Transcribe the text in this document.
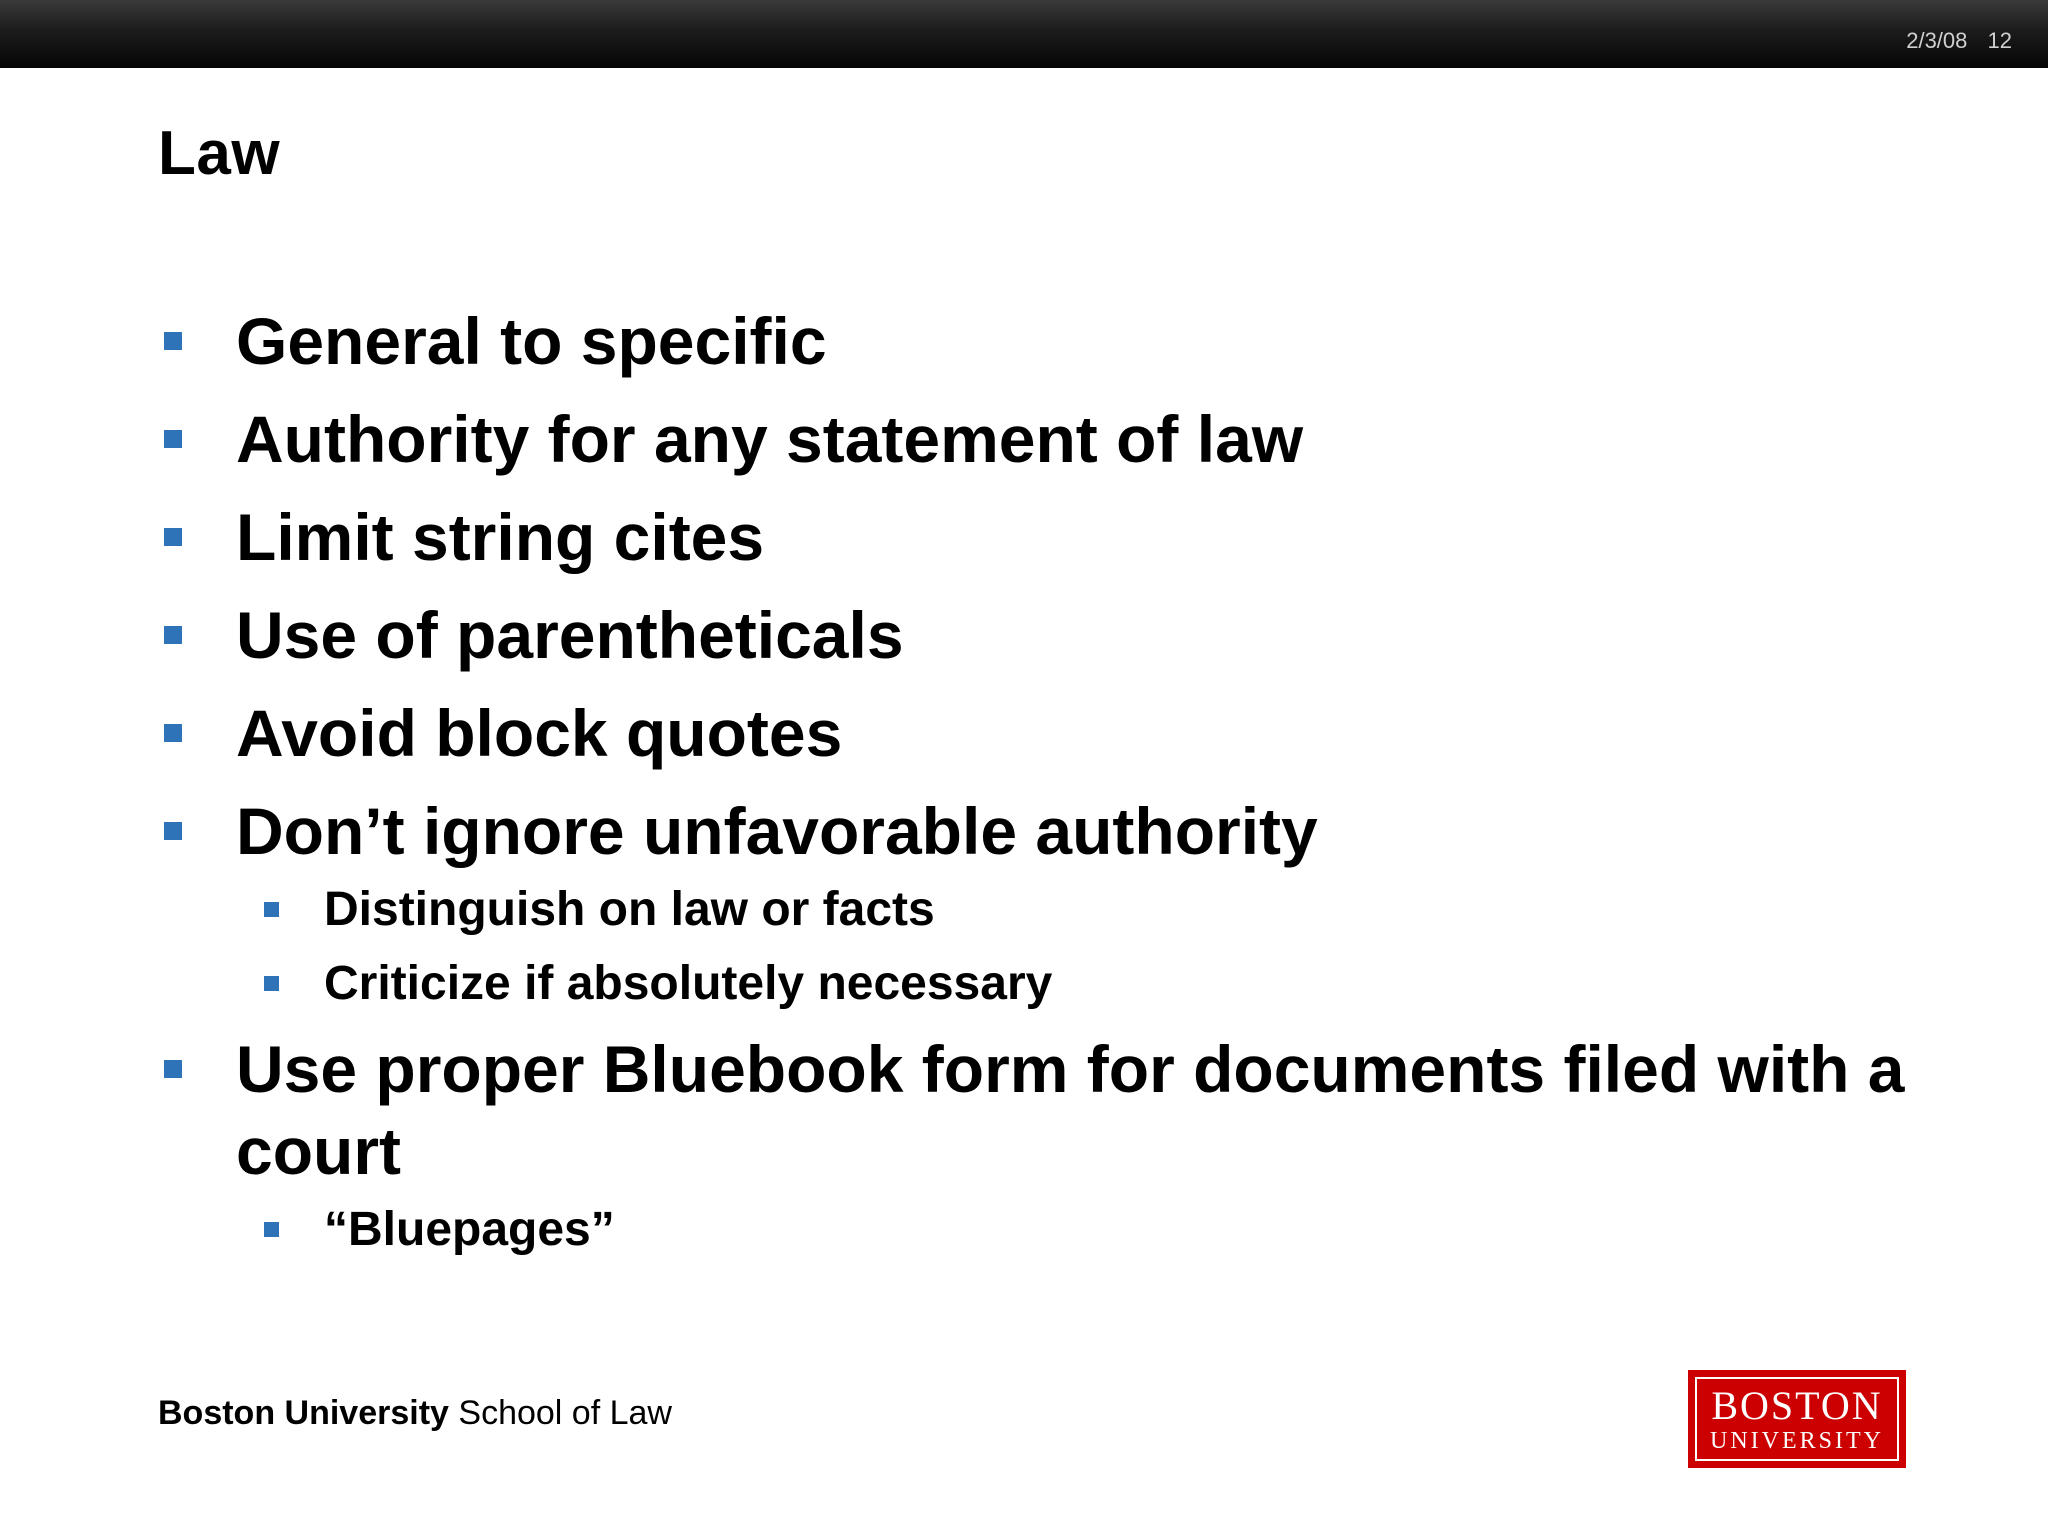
2/3/08 12
Law
General to specific
Authority for any statement of law
Limit string cites
Use of parentheticals
Avoid block quotes
Don’t ignore unfavorable authority
Distinguish on law or facts
Criticize if absolutely necessary
Use proper Bluebook form for documents filed with a court
“Bluepages”
Boston University School of Law	BOSTON
UNIVERSITY
